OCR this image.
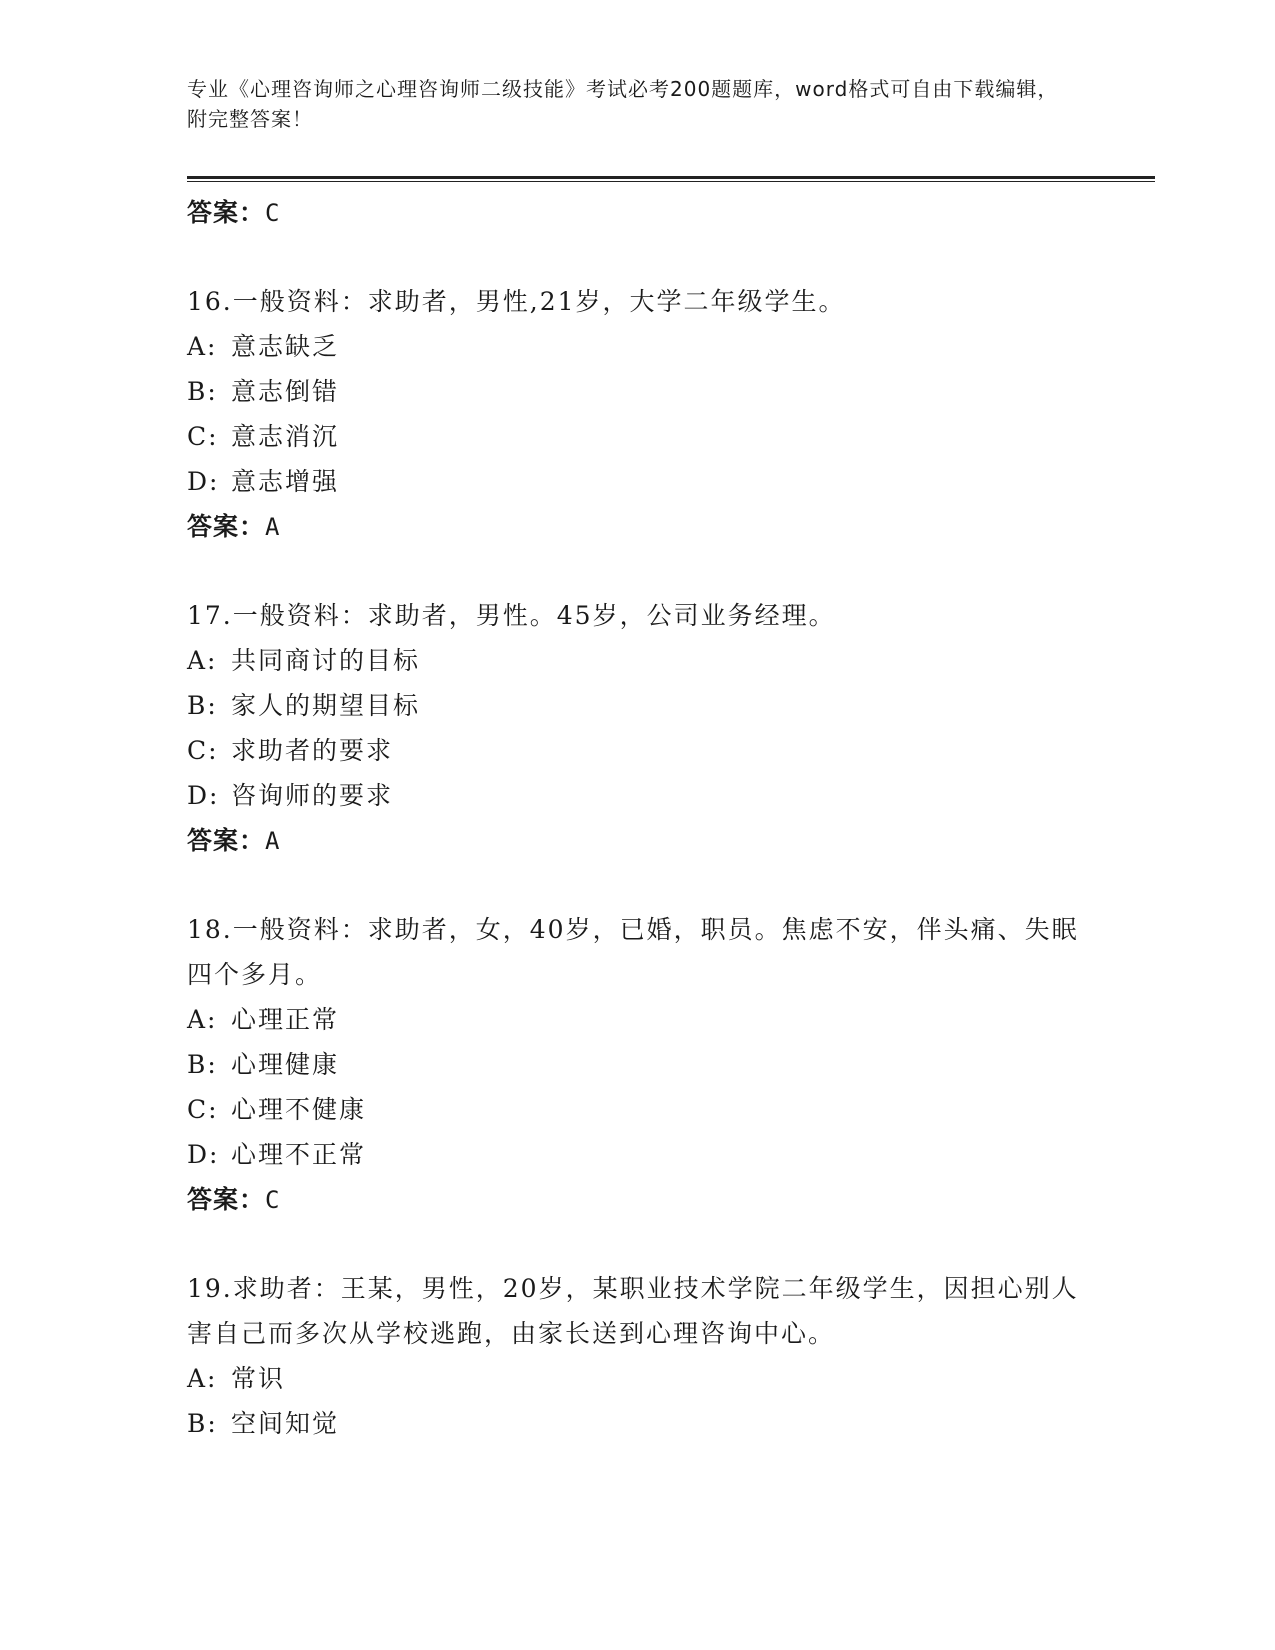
专业《心理咨询师之心理咨询师二级技能》考试必考200题题库，word格式可自由下载编辑，附完整答案！
答案：C
16.一般资料：求助者，男性,21岁，大学二年级学生。
A: 意志缺乏
B: 意志倒错
C: 意志消沉
D: 意志增强
答案：A
17.一般资料：求助者，男性。45岁，公司业务经理。
A: 共同商讨的目标
B: 家人的期望目标
C: 求助者的要求
D: 咨询师的要求
答案：A
18.一般资料：求助者，女，40岁，已婚，职员。焦虑不安，伴头痛、失眠四个多月。
A: 心理正常
B: 心理健康
C: 心理不健康
D: 心理不正常
答案：C
19.求助者：王某，男性，20岁，某职业技术学院二年级学生，因担心别人害自己而多次从学校逃跑，由家长送到心理咨询中心。
A: 常识
B: 空间知觉
